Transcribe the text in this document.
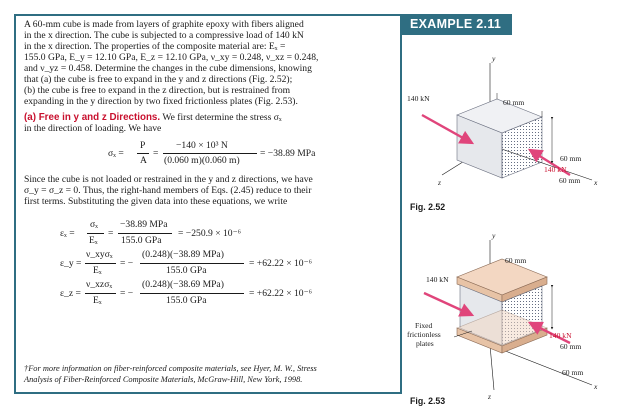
A 60-mm cube is made from layers of graphite epoxy with fibers aligned
in the x direction. The cube is subjected to a compressive load of 140 kN
in the x direction. The properties of the composite material are: Eₓ =
155.0 GPa, E_y = 12.10 GPa, E_z = 12.10 GPa, ν_xy = 0.248, ν_xz = 0.248,
and ν_yz = 0.458. Determine the changes in the cube dimensions, knowing
that (a) the cube is free to expand in the y and z directions (Fig. 2.52);
(b) the cube is free to expand in the z direction, but is restrained from
expanding in the y direction by two fixed frictionless plates (Fig. 2.53).
(a) Free in y and z Directions. We first determine the stress σₓ
in the direction of loading. We have
σₓ =
P
A
=
−140 × 10³ N
(0.060 m)(0.060 m)
= −38.89 MPa
Since the cube is not loaded or restrained in the y and z directions, we have
σ_y = σ_z = 0. Thus, the right-hand members of Eqs. (2.45) reduce to their
first terms. Substituting the given data into these equations, we write
εₓ =
σₓ
Eₓ
=
−38.89 MPa
155.0 GPa
= −250.9 × 10⁻⁶
ε_y =
ν_xyσₓ
Eₓ
= −
(0.248)(−38.89 MPa)
155.0 GPa
= +62.22 × 10⁻⁶
ε_z =
ν_xzσₓ
Eₓ
= −
(0.248)(−38.69 MPa)
155.0 GPa
= +62.22 × 10⁻⁶
†For more information on fiber-reinforced composite materials, see Hyer, M. W., Stress
Analysis of Fiber-Reinforced Composite Materials, McGraw-Hill, New York, 1998.
EXAMPLE 2.11
140 kN
140 kN
60 mm
60 mm
60 mm
y
x
z
Fig. 2.52
140 kN
Fixed
frictionless
plates
60 mm
140 kN
60 mm
60 mm
y
x
z
Fig. 2.53
